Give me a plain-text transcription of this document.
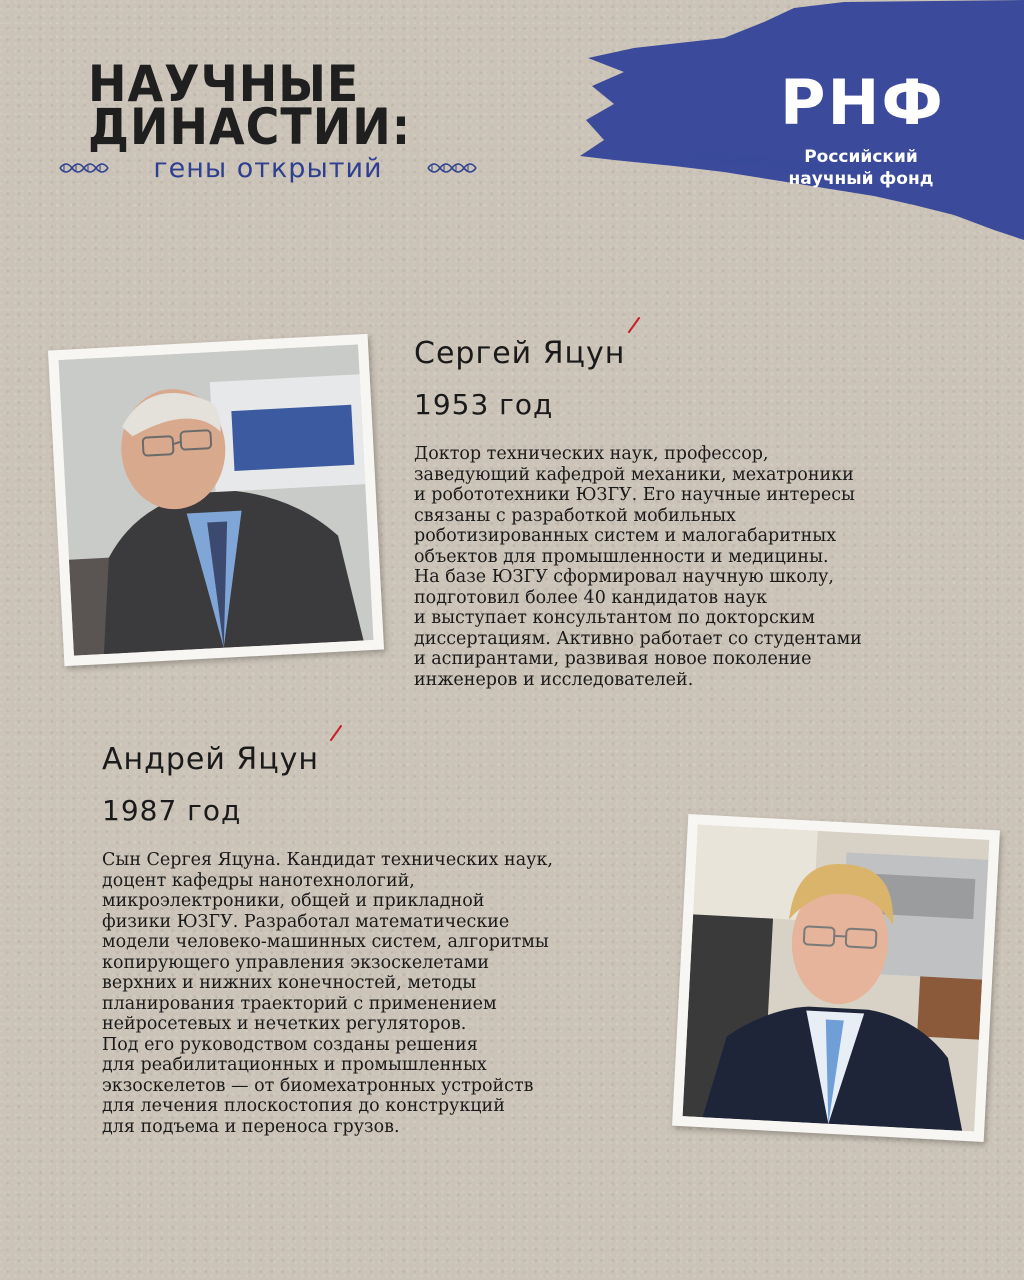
НАУЧНЫЕ
ДИНАСТИИ:
гены открытий
РНФ
Российский
научный фонд
Сергей Яцун
1953 год

Доктор технических наук, профессор,
заведующий кафедрой механики, мехатроники
и робототехники ЮЗГУ. Его научные интересы
связаны с разработкой мобильных
роботизированных систем и малогабаритных
объектов для промышленности и медицины.
На базе ЮЗГУ сформировал научную школу,
подготовил более 40 кандидатов наук
и выступает консультантом по докторским
диссертациям. Активно работает со студентами
и аспирантами, развивая новое поколение
инженеров и исследователей.

Андрей Яцун
1987 год

Сын Сергея Яцуна. Кандидат технических наук,
доцент кафедры нанотехнологий,
микроэлектроники, общей и прикладной
физики ЮЗГУ. Разработал математические
модели человеко-машинных систем, алгоритмы
копирующего управления экзоскелетами
верхних и нижних конечностей, методы
планирования траекторий с применением
нейросетевых и нечетких регуляторов.
Под его руководством созданы решения
для реабилитационных и промышленных
экзоскелетов — от биомехатронных устройств
для лечения плоскостопия до конструкций
для подъема и переноса грузов.
